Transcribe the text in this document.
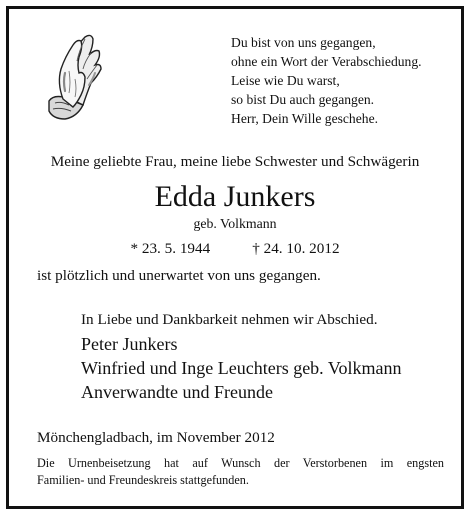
Du bist von uns gegangen,
ohne ein Wort der Verabschiedung.
Leise wie Du warst,
so bist Du auch gegangen.
Herr, Dein Wille geschehe.
Meine geliebte Frau, meine liebe Schwester und Schwägerin
Edda Junkers
geb. Volkmann
* 23. 5. 1944	† 24. 10. 2012
ist plötzlich und unerwartet von uns gegangen.
In Liebe und Dankbarkeit nehmen wir Abschied.
Peter Junkers
Winfried und Inge Leuchters geb. Volkmann
Anverwandte und Freunde
Mönchengladbach, im November 2012
Die Urnenbeisetzung hat auf Wunsch der Verstorbenen im engsten
Familien- und Freundeskreis stattgefunden.
